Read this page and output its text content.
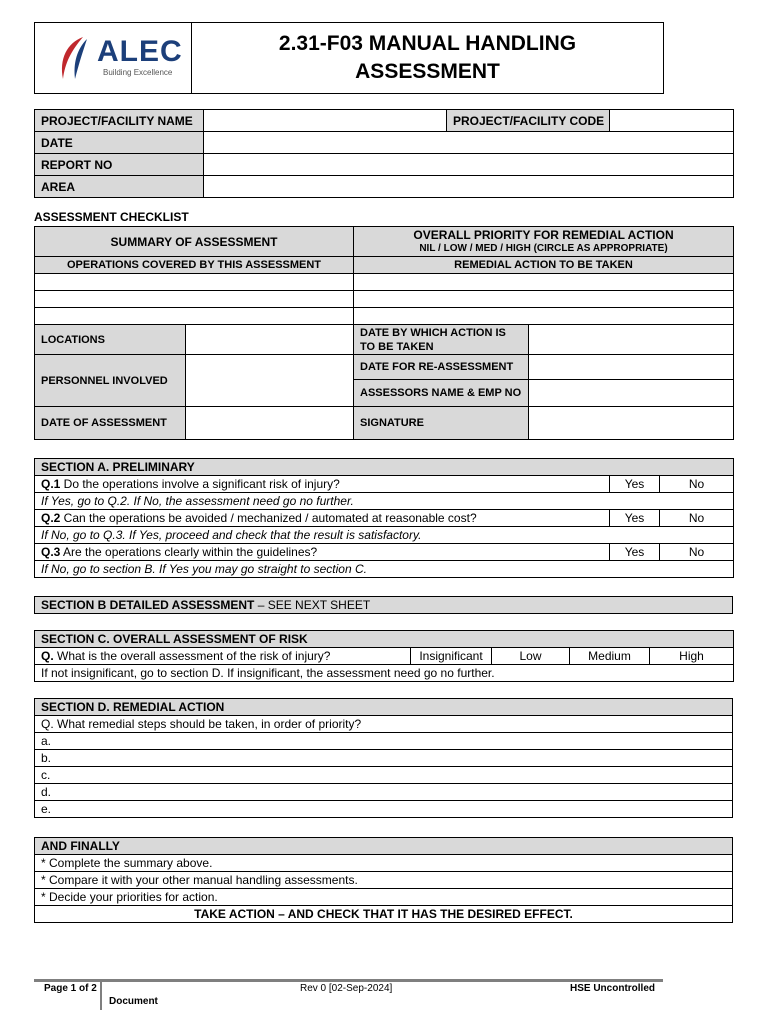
ALEC
Building Excellence
2.31-F03 MANUAL HANDLING
ASSESSMENT
PROJECT/FACILITY NAME		PROJECT/FACILITY CODE	
DATE			
REPORT NO			
AREA			
ASSESSMENT CHECKLIST
SUMMARY OF ASSESSMENT		OVERALL PRIORITY FOR REMEDIAL ACTION
NIL / LOW / MED / HIGH (CIRCLE AS APPROPRIATE)	

OPERATIONS COVERED BY THIS ASSESSMENT		REMEDIAL ACTION TO BE TAKEN	

LOCATIONS		DATE BY WHICH ACTION IS
TO BE TAKEN	

PERSONNEL INVOLVED		DATE FOR RE-ASSESSMENT	
		ASSESSORS NAME & EMP NO	
DATE OF ASSESSMENT		SIGNATURE	
SECTION A. PRELIMINARY		
Q.1 Do the operations involve a significant risk of injury?	Yes	No
If Yes, go to Q.2. If No, the assessment need go no further.		
Q.2 Can the operations be avoided / mechanized / automated at reasonable cost?	Yes	No
If No, go to Q.3. If Yes, proceed and check that the result is satisfactory.		
Q.3 Are the operations clearly within the guidelines?	Yes	No
If No, go to section B. If Yes you may go straight to section C.		
SECTION B DETAILED ASSESSMENT – SEE NEXT SHEET
SECTION C. OVERALL ASSESSMENT OF RISK
Q. What is the overall assessment of the risk of injury?	Insignificant	Low	Medium	High
If not insignificant, go to section D. If insignificant, the assessment need go no further.
SECTION D. REMEDIAL ACTION
Q. What remedial steps should be taken, in order of priority?
a.
b.
c.
d.
e.
AND FINALLY
* Complete the summary above.
* Compare it with your other manual handling assessments.
* Decide your priorities for action.
TAKE ACTION – AND CHECK THAT IT HAS THE DESIRED EFFECT.
Page 1 of 2
Document
Rev 0 [02-Sep-2024]	HSE Uncontrolled
